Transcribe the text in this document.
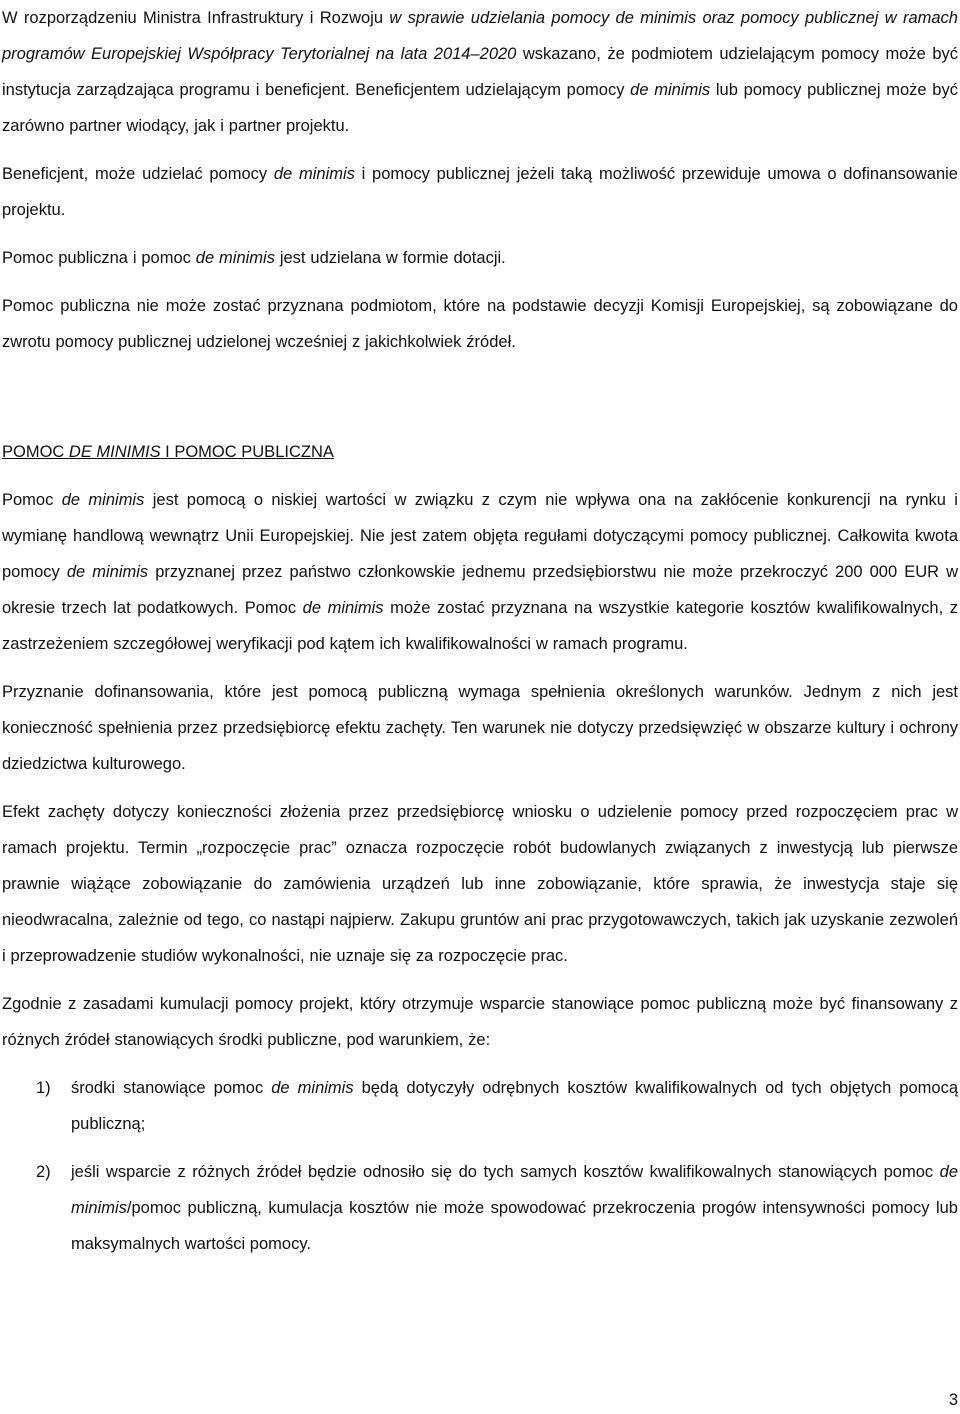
W rozporządzeniu Ministra Infrastruktury i Rozwoju w sprawie udzielania pomocy de minimis oraz pomocy publicznej w ramach programów Europejskiej Współpracy Terytorialnej na lata 2014–2020 wskazano, że podmiotem udzielającym pomocy może być instytucja zarządzająca programu i beneficjent. Beneficjentem udzielającym pomocy de minimis lub pomocy publicznej może być zarówno partner wiodący, jak i partner projektu.

Beneficjent, może udzielać pomocy de minimis i pomocy publicznej jeżeli taką możliwość przewiduje umowa o dofinansowanie projektu.

Pomoc publiczna i pomoc de minimis jest udzielana w formie dotacji.

Pomoc publiczna nie może zostać przyznana podmiotom, które na podstawie decyzji Komisji Europejskiej, są zobowiązane do zwrotu pomocy publicznej udzielonej wcześniej z jakichkolwiek źródeł.

POMOC DE MINIMIS I POMOC PUBLICZNA

Pomoc de minimis jest pomocą o niskiej wartości w związku z czym nie wpływa ona na zakłócenie konkurencji na rynku i wymianę handlową wewnątrz Unii Europejskiej. Nie jest zatem objęta regułami dotyczącymi pomocy publicznej. Całkowita kwota pomocy de minimis przyznanej przez państwo członkowskie jednemu przedsiębiorstwu nie może przekroczyć 200 000 EUR w okresie trzech lat podatkowych. Pomoc de minimis może zostać przyznana na wszystkie kategorie kosztów kwalifikowalnych, z zastrzeżeniem szczegółowej weryfikacji pod kątem ich kwalifikowalności w ramach programu.

Przyznanie dofinansowania, które jest pomocą publiczną wymaga spełnienia określonych warunków. Jednym z nich jest konieczność spełnienia przez przedsiębiorcę efektu zachęty. Ten warunek nie dotyczy przedsięwzięć w obszarze kultury i ochrony dziedzictwa kulturowego.

Efekt zachęty dotyczy konieczności złożenia przez przedsiębiorcę wniosku o udzielenie pomocy przed rozpoczęciem prac w ramach projektu. Termin „rozpoczęcie prac” oznacza rozpoczęcie robót budowlanych związanych z inwestycją lub pierwsze prawnie wiążące zobowiązanie do zamówienia urządzeń lub inne zobowiązanie, które sprawia, że inwestycja staje się nieodwracalna, zależnie od tego, co nastąpi najpierw. Zakupu gruntów ani prac przygotowawczych, takich jak uzyskanie zezwoleń i przeprowadzenie studiów wykonalności, nie uznaje się za rozpoczęcie prac.

Zgodnie z zasadami kumulacji pomocy projekt, który otrzymuje wsparcie stanowiące pomoc publiczną może być finansowany z różnych źródeł stanowiących środki publiczne, pod warunkiem, że:

1) środki stanowiące pomoc de minimis będą dotyczyły odrębnych kosztów kwalifikowalnych od tych objętych pomocą publiczną;
2) jeśli wsparcie z różnych źródeł będzie odnosiło się do tych samych kosztów kwalifikowalnych stanowiących pomoc de minimis/pomoc publiczną, kumulacja kosztów nie może spowodować przekroczenia progów intensywności pomocy lub maksymalnych wartości pomocy.
3
